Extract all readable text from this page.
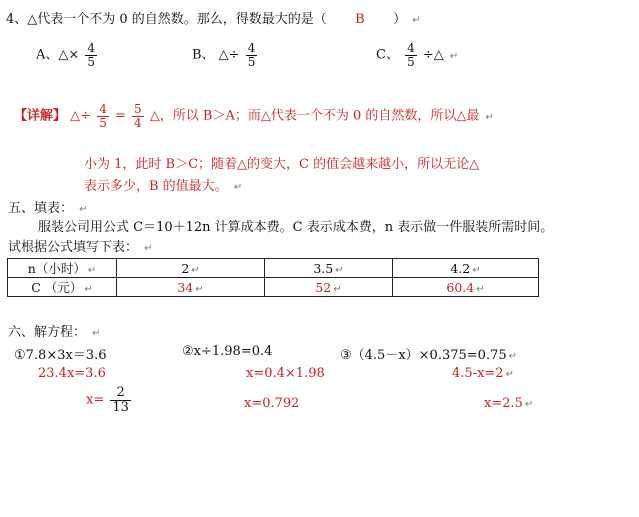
4、△代表一个不为 0 的自然数。那么，得数最大的是（ B ） ↵
A、△× $\frac{4}{5}$	B、 △÷ $\frac{4}{5}$	C、 $\frac{4}{5}$ ÷△ ↵
【详解】 △÷ $\frac{4}{5} = \frac{5}{4}$ △，所以 B＞A；而△代表一个不为 0 的自然数，所以△最 ↵
小为 1，此时 B＞C；随着△的变大，C 的值会越来越小，所以无论△
表示多少，B 的值最大。 ↵
五、填表： ↵
服装公司用公式 C＝10＋12n 计算成本费。C 表示成本费，n 表示做一件服装所需时间。
试根据公式填写下表： ↵
n（小时） ↵	2 ↵	3.5 ↵	4.2 ↵
C （元） ↵	34 ↵	52 ↵	60.4 ↵
六、解方程： ↵
①7.8×3x＝3.6	②x÷1.98=0.4	③（4.5－x）×0.375=0.75 ↵
23.4x=3.6	x=0.4×1.98	4.5-x=2 ↵
$x= \frac{2}{13}$	x=0.792	x=2.5 ↵
